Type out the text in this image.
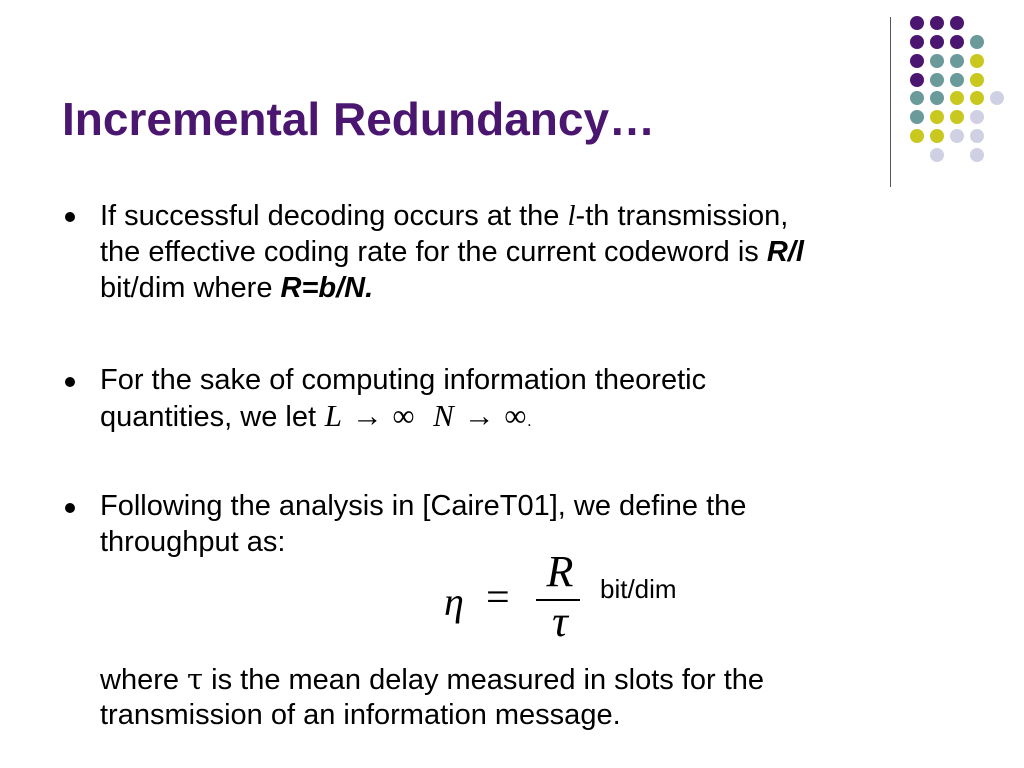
Incremental Redundancy…
If successful decoding occurs at the l-th transmission,
the effective coding rate for the current codeword is R/l
bit/dim where R=b/N.
For the sake of computing information theoretic
quantities, we let L → ∞ N → ∞.
Following the analysis in [CaireT01], we define the
throughput as:
η =
R
τ
bit/dim
where τ is the mean delay measured in slots for the
transmission of an information message.
